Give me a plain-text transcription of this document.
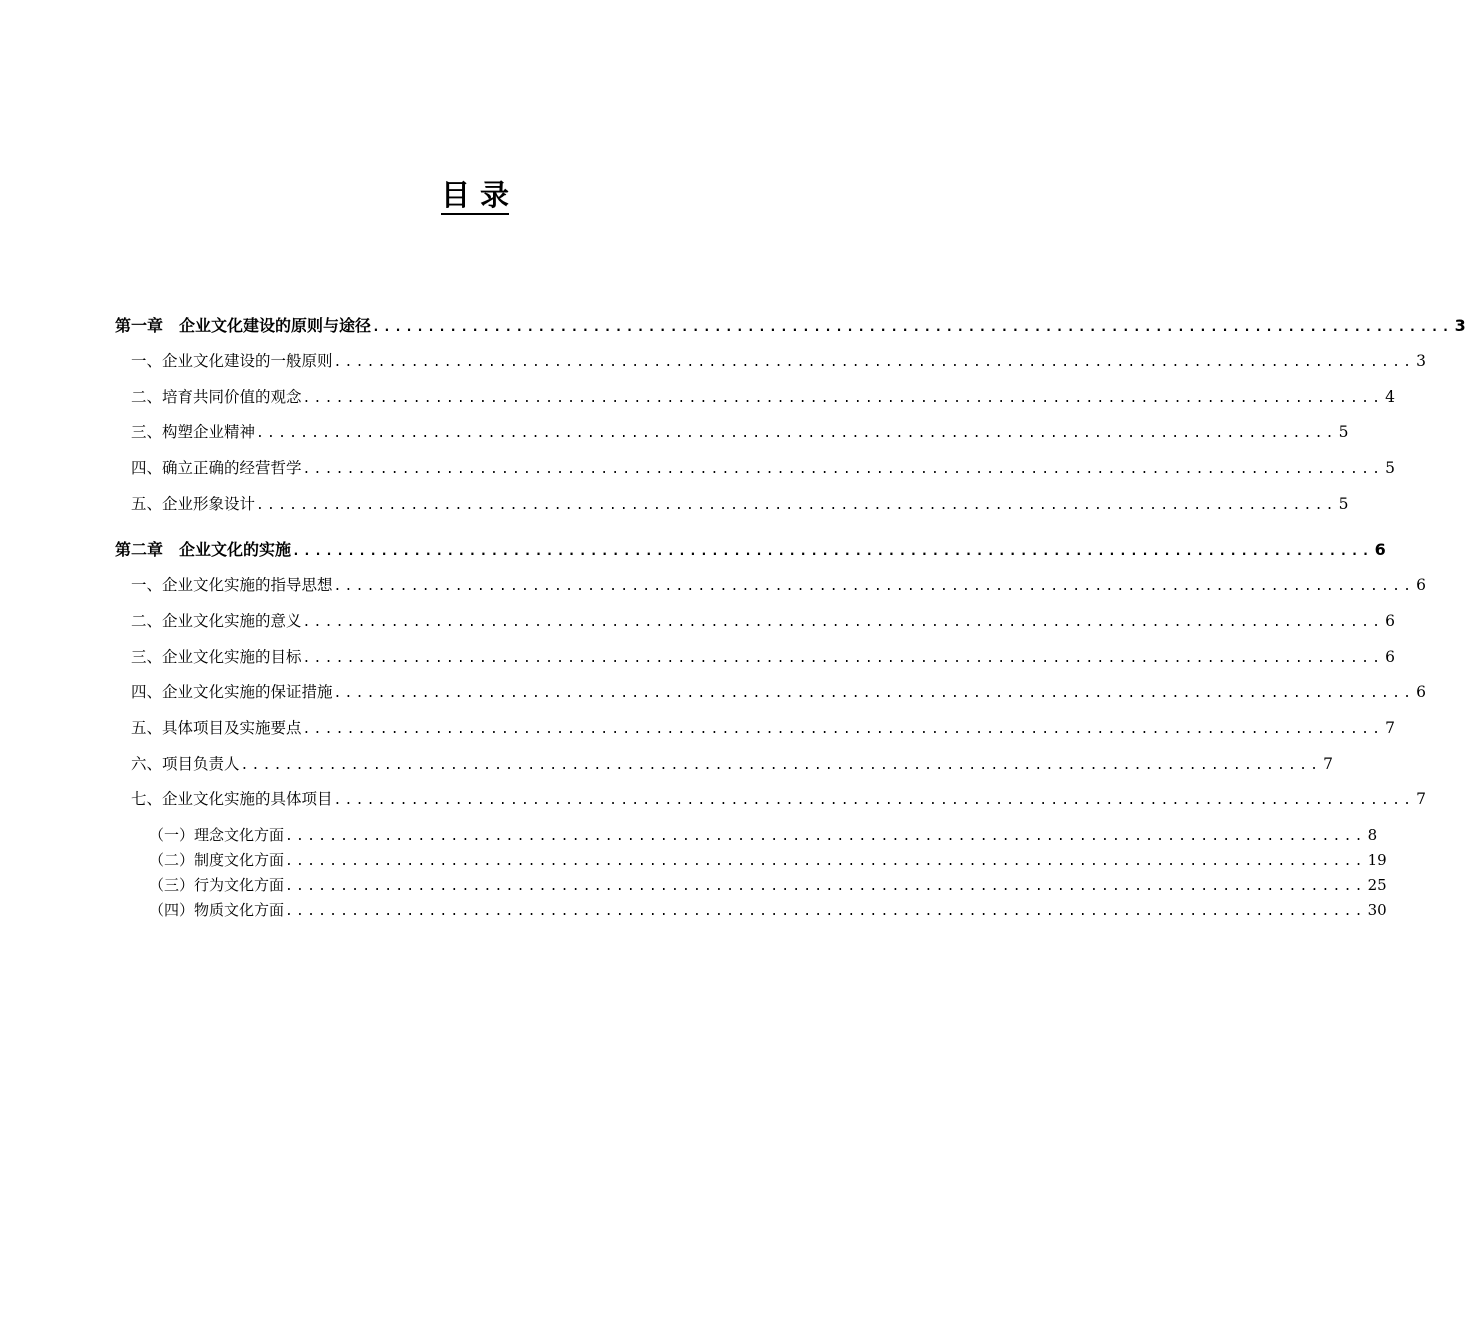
目 录
第一章　企业文化建设的原则与途径 .................................................................................................. 3
一、企业文化建设的一般原则 .................................................................................................. 3
二、培育共同价值的观念 .................................................................................................. 4
三、构塑企业精神 .................................................................................................. 5
四、确立正确的经营哲学 .................................................................................................. 5
五、企业形象设计 .................................................................................................. 5
第二章　企业文化的实施 .................................................................................................. 6
一、企业文化实施的指导思想 .................................................................................................. 6
二、企业文化实施的意义 .................................................................................................. 6
三、企业文化实施的目标 .................................................................................................. 6
四、企业文化实施的保证措施 .................................................................................................. 6
五、具体项目及实施要点 .................................................................................................. 7
六、项目负责人 .................................................................................................. 7
七、企业文化实施的具体项目 .................................................................................................. 7
（一）理念文化方面 .................................................................................................. 8
（二）制度文化方面 .................................................................................................. 19
（三）行为文化方面 .................................................................................................. 25
（四）物质文化方面 .................................................................................................. 30
